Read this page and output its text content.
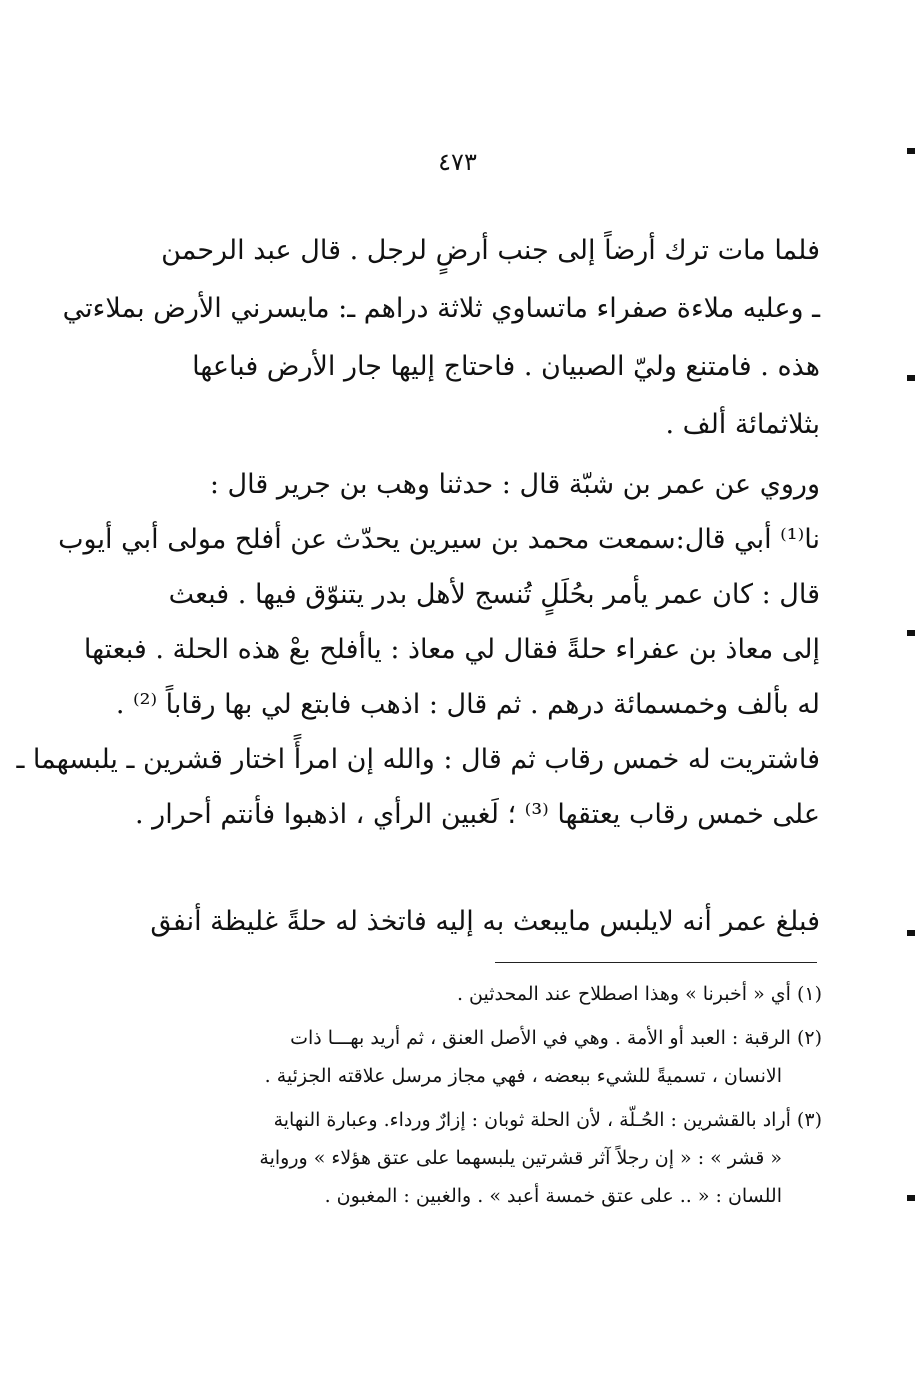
٤٧٣
فلما مات ترك أرضاً إلى جنب أرضٍ لرجل . قال عبد الرحمن
ـ وعليه ملاءة صفراء ماتساوي ثلاثة دراهم ـ: مايسرني الأرض بملاءتي
هذه . فامتنع وليّ الصبيان . فاحتاج إليها جار الأرض فباعها
بثلاثمائة ألف .
وروي عن عمر بن شبّة قال : حدثنا وهب بن جرير قال :
نا⁽¹⁾ أبي قال:سمعت محمد بن سيرين يحدّث عن أفلح مولى أبي أيوب
قال : كان عمر يأمر بحُلَلٍ تُنسج لأهل بدر يتنوّق فيها . فبعث
إلى معاذ بن عفراء حلةً فقال لي معاذ : ياأفلح بعْ هذه الحلة . فبعتها
له بألف وخمسمائة درهم . ثم قال : اذهب فابتع لي بها رقاباً ⁽²⁾ .
فاشتريت له خمس رقاب ثم قال : والله إن امرأً اختار قشرين ـ يلبسهما ـ
على خمس رقاب يعتقها ⁽³⁾ ؛ لَغبين الرأي ، اذهبوا فأنتم أحرار .
فبلغ عمر أنه لايلبس مايبعث به إليه فاتخذ له حلةً غليظة أنفق
(١) أي « أخبرنا » وهذا اصطلاح عند المحدثين .
(٢) الرقبة : العبد أو الأمة . وهي في الأصل العنق ، ثم أريد بهـــا ذات
الانسان ، تسميةً للشيء ببعضه ، فهي مجاز مرسل علاقته الجزئية .
(٣) أراد بالقشرين : الحُـلّة ، لأن الحلة ثوبان : إزارٌ ورداء. وعبارة النهاية
« قشر » : « إن رجلاً آثر قشرتين يلبسهما على عتق هؤلاء » ورواية
اللسان : « .. على عتق خمسة أعبد » . والغبين : المغبون .
